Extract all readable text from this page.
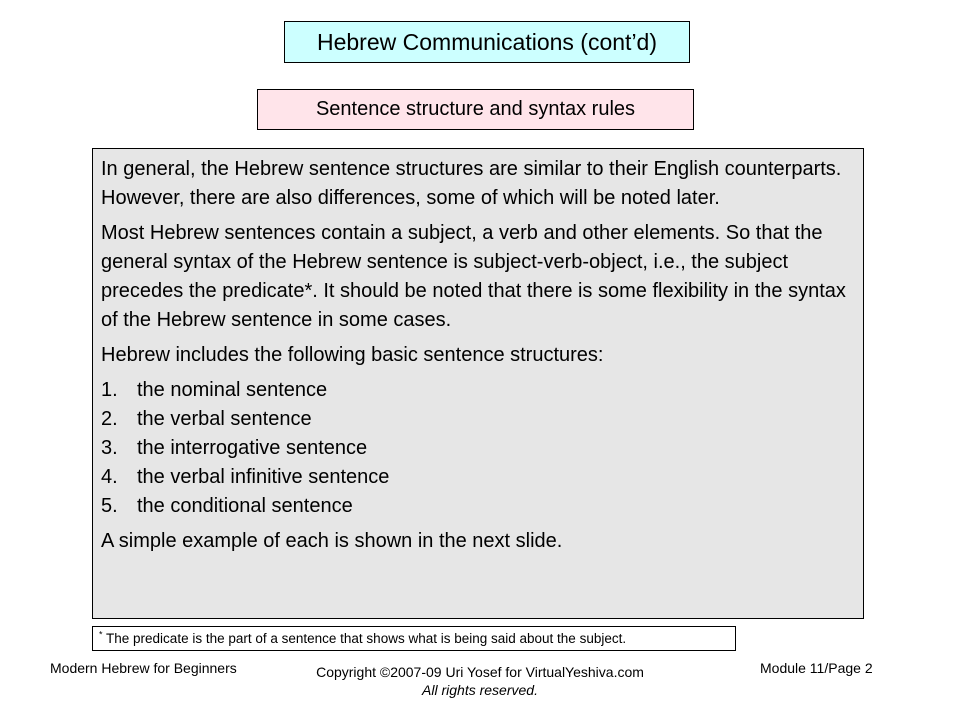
Hebrew Communications (cont’d)
Sentence structure and syntax rules

In general, the Hebrew sentence structures are similar to their English counterparts. However, there are also differences, some of which will be noted later.

Most Hebrew sentences contain a subject, a verb and other elements. So that the general syntax of the Hebrew sentence is subject-verb-object, i.e., the subject precedes the predicate*. It should be noted that there is some flexibility in the syntax of the Hebrew sentence in some cases.

Hebrew includes the following basic sentence structures:

1. the nominal sentence
2. the verbal sentence
3. the interrogative sentence
4. the verbal infinitive sentence
5. the conditional sentence

A simple example of each is shown in the next slide.

* The predicate is the part of a sentence that shows what is being said about the subject.
Modern Hebrew for Beginners	Copyright ©2007-09 Uri Yosef for VirtualYeshiva.com
All rights reserved.
Module 11/Page 2
